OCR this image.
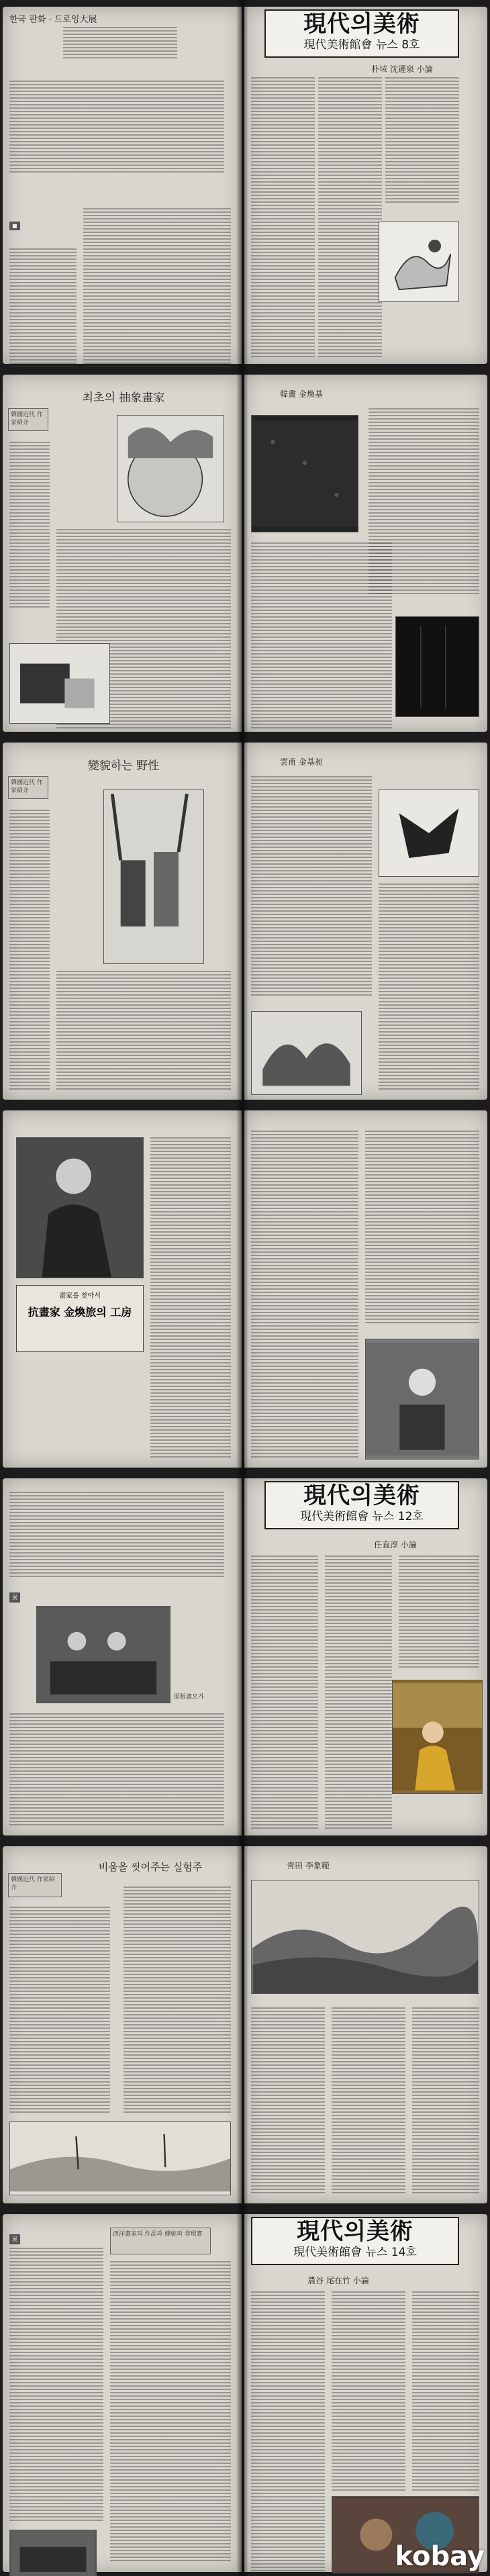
한국 판화 · 드로잉大展
■
現代의美術
現代美術館會 뉴스 8호
朴𡊸 沈遜泉 小論
최초의 抽象畫家
韓國近代 作家紹介
韓畫 金煥基
變貌하는 野性
韓國近代 作家紹介
雲甫 金基昶
畫家를 찾아서
抗畫家 金煥旅의 工房
展
原版畫오가
現代의美術
現代美術館會 뉴스 12호
任直淳 小論
비움을 씻어주는 실험주
韓國近代 作家紹介
靑田 李象範
展
西洋畫家의 作品과 傳統의 非現實	現代의美術
現代美術館會 뉴스 14호
農谷 尾在竹 小論
kobay
